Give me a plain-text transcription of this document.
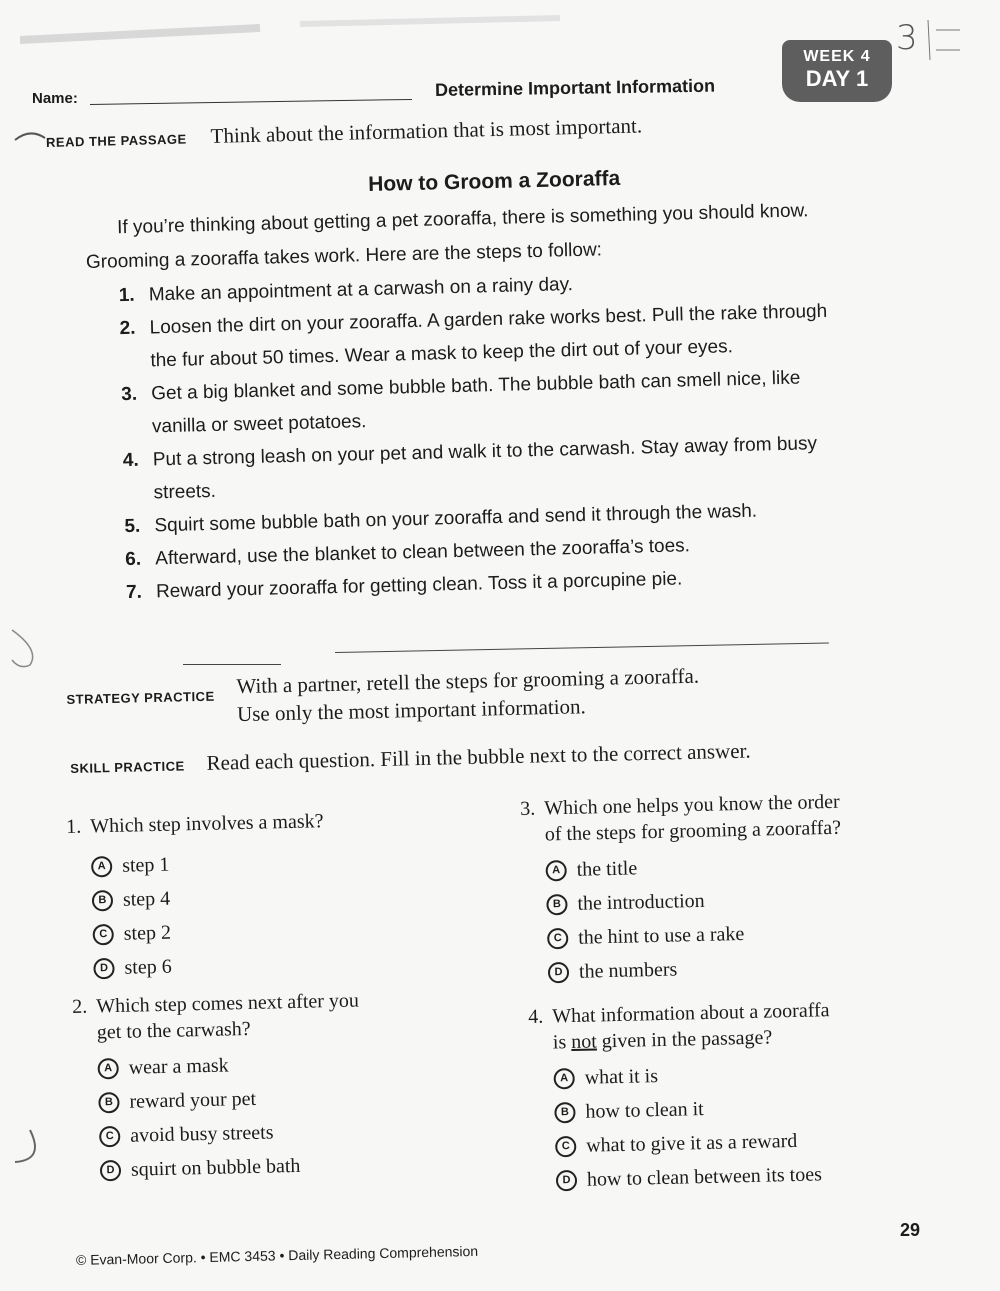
3
WEEK 4
DAY 1
Name:	Determine Important Information
READ THE PASSAGE Think about the information that is most important.
How to Groom a Zooraffa
If you’re thinking about getting a pet zooraffa, there is something you should know. Grooming a zooraffa takes work. Here are the steps to follow:
1. Make an appointment at a carwash on a rainy day.
2. Loosen the dirt on your zooraffa. A garden rake works best. Pull the rake through the fur about 50 times. Wear a mask to keep the dirt out of your eyes.
3. Get a big blanket and some bubble bath. The bubble bath can smell nice, like vanilla or sweet potatoes.
4. Put a strong leash on your pet and walk it to the carwash. Stay away from busy streets.
5. Squirt some bubble bath on your zooraffa and send it through the wash.
6. Afterward, use the blanket to clean between the zooraffa’s toes.
7. Reward your zooraffa for getting clean. Toss it a porcupine pie.
STRATEGY PRACTICE With a partner, retell the steps for grooming a zooraffa.
Use only the most important information.
SKILL PRACTICE Read each question. Fill in the bubble next to the correct answer.
1. Which step involves a mask?
A step 1
B step 4
C step 2
D step 6
2. Which step comes next after you
get to the carwash?
A wear a mask
B reward your pet
C avoid busy streets
D squirt on bubble bath
3. Which one helps you know the order
of the steps for grooming a zooraffa?
A the title
B the introduction
C the hint to use a rake
D the numbers
4. What information about a zooraffa
is not given in the passage?
A what it is
B how to clean it
C what to give it as a reward
D how to clean between its toes
29
© Evan-Moor Corp. • EMC 3453 • Daily Reading Comprehension
